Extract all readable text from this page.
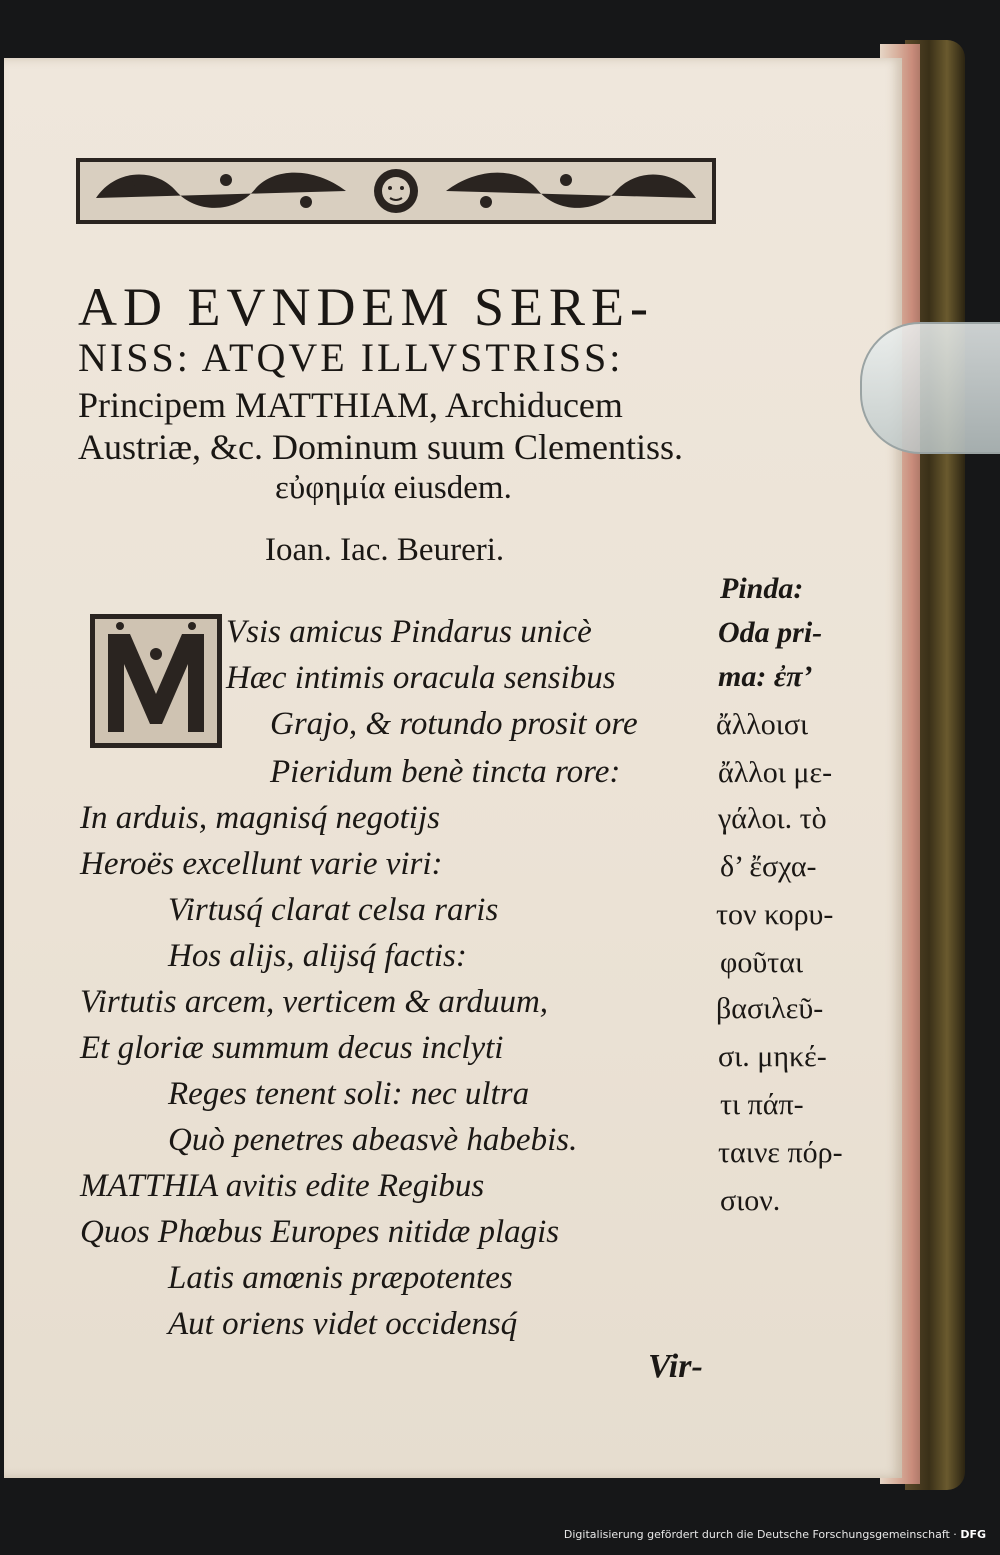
AD EVNDEM SERE-
NISS: ATQVE ILLVSTRISS:
Principem MATTHIAM, Archiducem
Austriæ, &c. Dominum suum Clementiss.
εὐφημία eiusdem.
Ioan. Iac. Beureri.
Vsis amicus Pindarus unicè
Hæc intimis oracula sensibus
Grajo, & rotundo prosit ore
Pieridum benè tincta rore:
In arduis, magnisq́ negotijs
Heroës excellunt varie viri:
Virtusq́ clarat celsa raris
Hos alijs, alijsq́ factis:
Virtutis arcem, verticem & arduum,
Et gloriæ summum decus inclyti
Reges tenent soli: nec ultra
Quò penetres abeasvè habebis.
MATTHIA avitis edite Regibus
Quos Phœbus Europes nitidæ plagis
Latis amœnis præpotentes
Aut oriens videt occidensq́
Pinda:
Oda pri-
ma: ἐπ’
ἄλλοισι
ἄλλοι με-
γάλοι. τὸ
δ’ ἔσχα-
τον κορυ-
φοῦται
βασιλεῦ-
σι. μηκέ-
τι πάπ-
ταινε πόρ-
σιον.
Vir-
Digitalisierung gefördert durch die Deutsche Forschungsgemeinschaft · DFG
